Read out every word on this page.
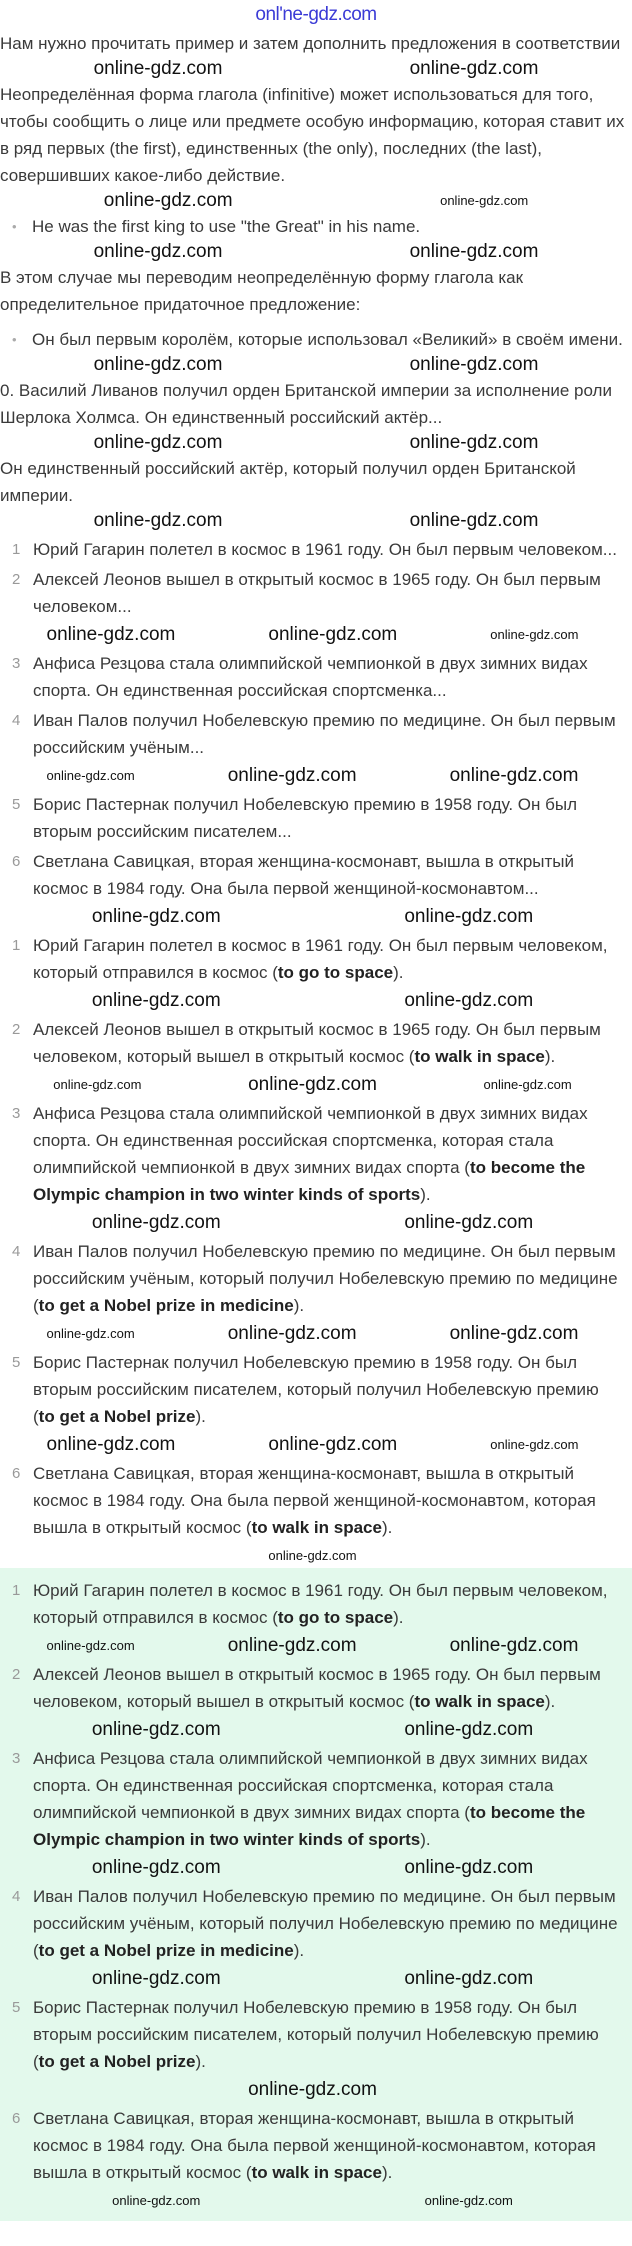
onl'ne-gdz.com

Нам нужно прочитать пример и затем дополнить предложения в соответствии

online-gdz.com	online-gdz.com

Неопределённая форма глагола (infinitive) может использоваться для того, чтобы сообщить о лице или предмете особую информацию, которая ставит их в ряд первых (the first), единственных (the only), последних (the last), совершивших какое-либо действие.

online-gdz.com	online-gdz.com
• He was the first king to use "the Great" in his name.
online-gdz.com	online-gdz.com

В этом случае мы переводим неопределённую форму глагола как определительное придаточное предложение:

• Он был первым королём, которые использовал «Великий» в своём имени.
online-gdz.com	online-gdz.com

0. Василий Ливанов получил орден Британской империи за исполнение роли Шерлока Холмса. Он единственный российский актёр...

online-gdz.com	online-gdz.com

Он единственный российский актёр, который получил орден Британской империи.

online-gdz.com	online-gdz.com
1 Юрий Гагарин полетел в космос в 1961 году. Он был первым человеком...
2 Алексей Леонов вышел в открытый космос в 1965 году. Он был первым человеком...
online-gdz.com	online-gdz.com	online-gdz.com
3 Анфиса Резцова стала олимпийской чемпионкой в двух зимних видах спорта. Он единственная российская спортсменка...
4 Иван Палов получил Нобелевскую премию по медицине. Он был первым российским учёным...
online-gdz.com	online-gdz.com	online-gdz.com
5 Борис Пастернак получил Нобелевскую премию в 1958 году. Он был вторым российским писателем...
6 Светлана Савицкая, вторая женщина-космонавт, вышла в открытый космос в 1984 году. Она была первой женщиной-космонавтом...
online-gdz.com	online-gdz.com
1 Юрий Гагарин полетел в космос в 1961 году. Он был первым человеком, который отправился в космос (to go to space).
online-gdz.com	online-gdz.com
2 Алексей Леонов вышел в открытый космос в 1965 году. Он был первым человеком, который вышел в открытый космос (to walk in space).
online-gdz.com	online-gdz.com	online-gdz.com
3 Анфиса Резцова стала олимпийской чемпионкой в двух зимних видах спорта. Он единственная российская спортсменка, которая стала олимпийской чемпионкой в двух зимних видах спорта (to become the Olympic champion in two winter kinds of sports).
online-gdz.com	online-gdz.com
4 Иван Палов получил Нобелевскую премию по медицине. Он был первым российским учёным, который получил Нобелевскую премию по медицине (to get a Nobel prize in medicine).
online-gdz.com	online-gdz.com	online-gdz.com
5 Борис Пастернак получил Нобелевскую премию в 1958 году. Он был вторым российским писателем, который получил Нобелевскую премию (to get a Nobel prize).
online-gdz.com	online-gdz.com	online-gdz.com
6 Светлана Савицкая, вторая женщина-космонавт, вышла в открытый космос в 1984 году. Она была первой женщиной-космонавтом, которая вышла в открытый космос (to walk in space).
online-gdz.com
1 Юрий Гагарин полетел в космос в 1961 году. Он был первым человеком, который отправился в космос (to go to space).
online-gdz.com	online-gdz.com	online-gdz.com
2 Алексей Леонов вышел в открытый космос в 1965 году. Он был первым человеком, который вышел в открытый космос (to walk in space).
online-gdz.com	online-gdz.com
3 Анфиса Резцова стала олимпийской чемпионкой в двух зимних видах спорта. Он единственная российская спортсменка, которая стала олимпийской чемпионкой в двух зимних видах спорта (to become the Olympic champion in two winter kinds of sports).
online-gdz.com	online-gdz.com
4 Иван Палов получил Нобелевскую премию по медицине. Он был первым российским учёным, который получил Нобелевскую премию по медицине (to get a Nobel prize in medicine).
online-gdz.com	online-gdz.com
5 Борис Пастернак получил Нобелевскую премию в 1958 году. Он был вторым российским писателем, который получил Нобелевскую премию (to get a Nobel prize).
online-gdz.com
6 Светлана Савицкая, вторая женщина-космонавт, вышла в открытый космос в 1984 году. Она была первой женщиной-космонавтом, которая вышла в открытый космос (to walk in space).
online-gdz.com	online-gdz.com
